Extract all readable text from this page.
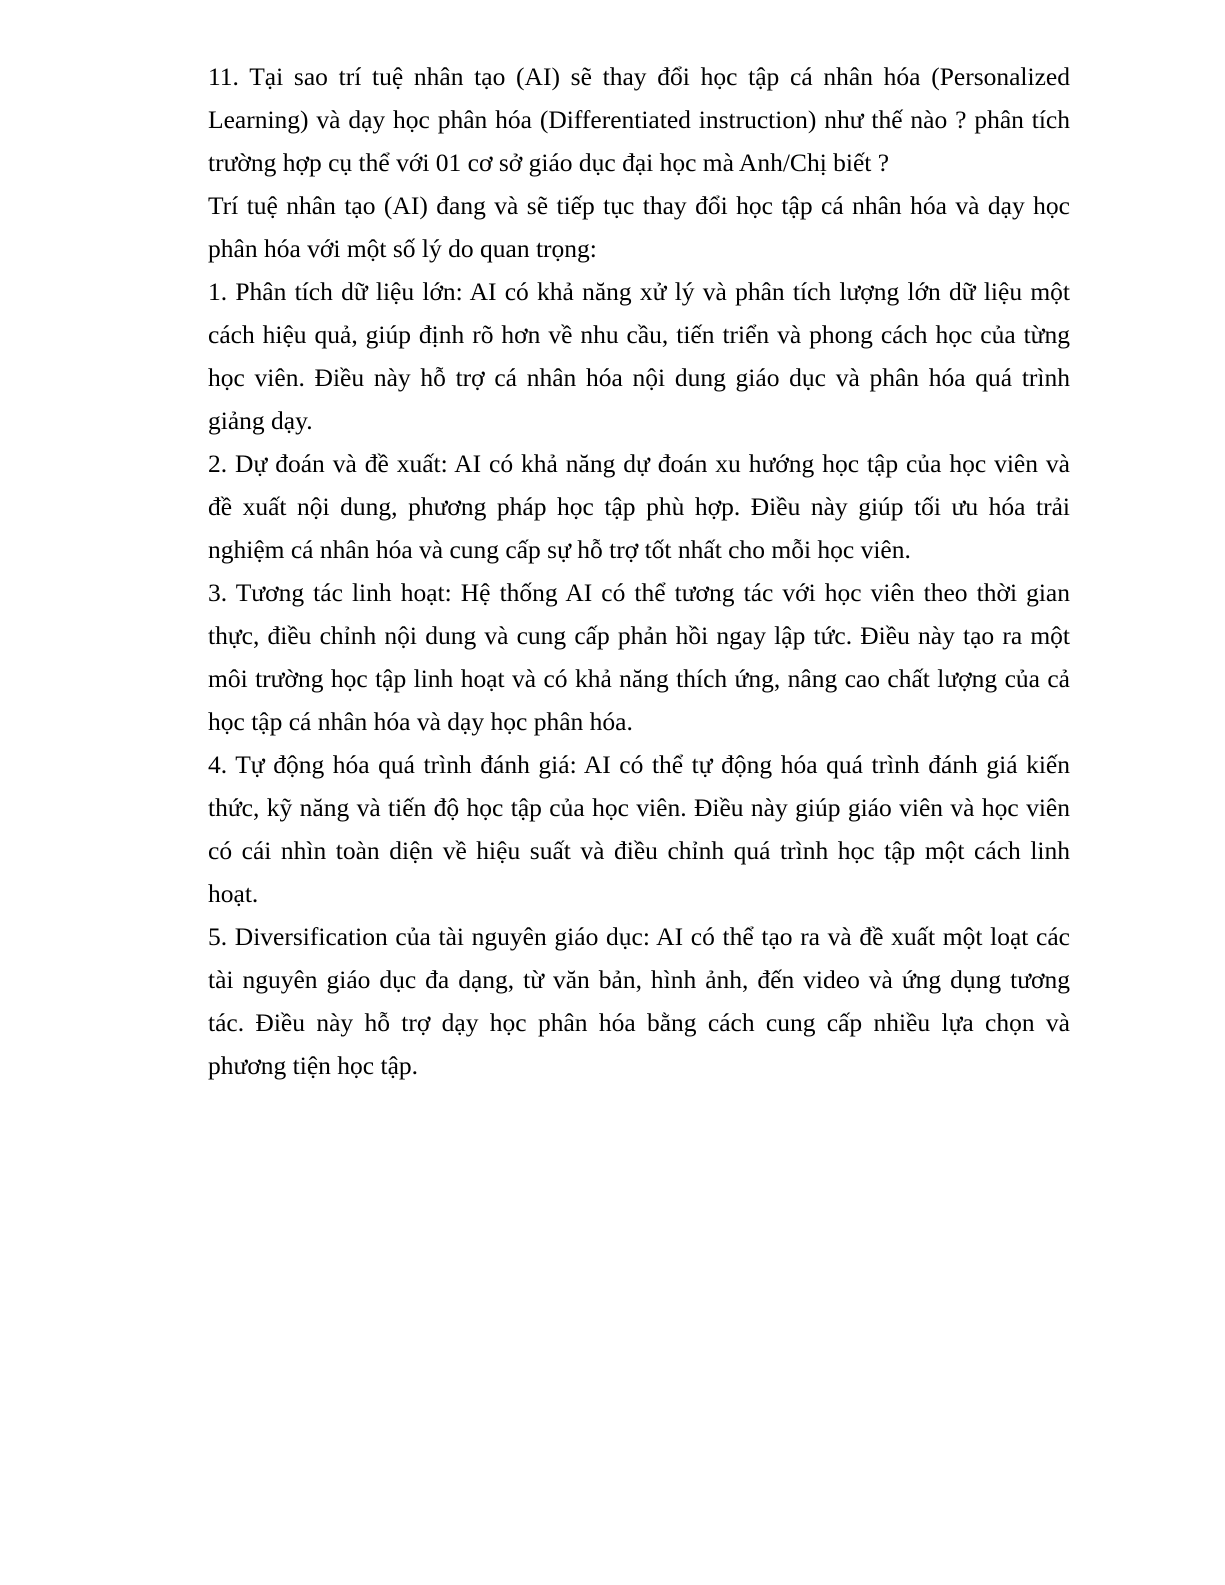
11. Tại sao trí tuệ nhân tạo (AI) sẽ thay đổi học tập cá nhân hóa (Personalized Learning) và dạy học phân hóa (Differentiated instruction) như thế nào ? phân tích trường hợp cụ thể với 01 cơ sở giáo dục đại học mà Anh/Chị biết ?

Trí tuệ nhân tạo (AI) đang và sẽ tiếp tục thay đổi học tập cá nhân hóa và dạy học phân hóa với một số lý do quan trọng:

1. Phân tích dữ liệu lớn: AI có khả năng xử lý và phân tích lượng lớn dữ liệu một cách hiệu quả, giúp định rõ hơn về nhu cầu, tiến triển và phong cách học của từng học viên. Điều này hỗ trợ cá nhân hóa nội dung giáo dục và phân hóa quá trình giảng dạy.

2. Dự đoán và đề xuất: AI có khả năng dự đoán xu hướng học tập của học viên và đề xuất nội dung, phương pháp học tập phù hợp. Điều này giúp tối ưu hóa trải nghiệm cá nhân hóa và cung cấp sự hỗ trợ tốt nhất cho mỗi học viên.

3. Tương tác linh hoạt: Hệ thống AI có thể tương tác với học viên theo thời gian thực, điều chỉnh nội dung và cung cấp phản hồi ngay lập tức. Điều này tạo ra một môi trường học tập linh hoạt và có khả năng thích ứng, nâng cao chất lượng của cả học tập cá nhân hóa và dạy học phân hóa.

4. Tự động hóa quá trình đánh giá: AI có thể tự động hóa quá trình đánh giá kiến thức, kỹ năng và tiến độ học tập của học viên. Điều này giúp giáo viên và học viên có cái nhìn toàn diện về hiệu suất và điều chỉnh quá trình học tập một cách linh hoạt.

5. Diversification của tài nguyên giáo dục: AI có thể tạo ra và đề xuất một loạt các tài nguyên giáo dục đa dạng, từ văn bản, hình ảnh, đến video và ứng dụng tương tác. Điều này hỗ trợ dạy học phân hóa bằng cách cung cấp nhiều lựa chọn và phương tiện học tập.
